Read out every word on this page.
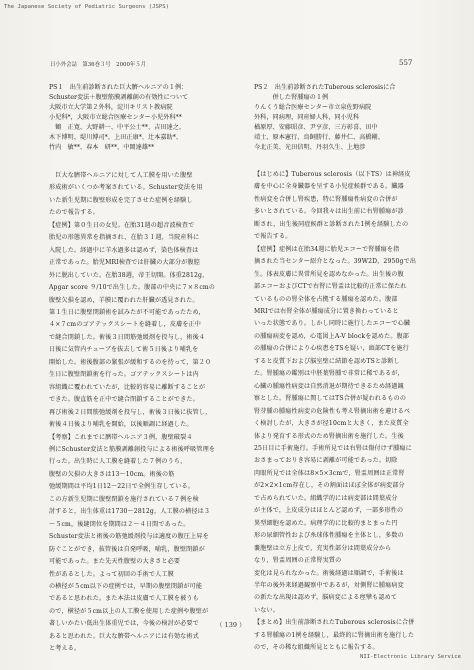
The Japanese Society of Pediatric Surgeons (JSPS)
日小外会誌　第36巻３号　2000年５月	557
PS１　出生前診断された巨大臍ヘルニアの１例：
Schuster変法＋腹壁筋膜剥離創の有効性について
大阪市立大学第２外科，淀川キリスト教病院
小児科*，大阪市立総合医療センター小児外科**
　鶴　正寛、大野耕一、中平公士**、吉田達之、
木下博明、堤川博司*、上田正康*、辻本嘉助*、
竹内　敏**、春本　研**、中岡達雄**
PS２　出生前診断されたTuberous sclerosisに合
　　　併した腎腫瘍の１例
りんくう総合医療センター市立泉佐野病院
外科，同病理，同産婦人科，同小児科
楢原厚、安藤昭彦、尹亨彦、三方彰喜、田中
靖士、原本憲行、鳥飼勝行、藤井仁、高橋剛、
今北正美、光田信明、丹羽久生、上地涉

　巨大な臍帯ヘルニアに対して人工膜を用いた腹壁

形成術がいくつか考案されている。Schuster変法を用

いた新生児期に腹壁形成を完了させた症例を経験し

たので報告する。

【症例】第０生日の女児。在胎31週の超音波検査で

胎児の形態異常を指摘され，在胎３１週，当院産科に

入院した。経過中に羊水過多は認めず，染色体検査は

正常であった。胎児MRI検査では肝臓の大部分が腹腔

外に脱出していた。在胎38週，帝王切開。体重2812g，

Apgar score ９/10で出生した。腹部の中央に７×８cmの

腹壁欠損を認め，羊膜に覆われた肝臓が透見された。

第１生日に腹壁閉鎖術を試みたが不可能であったため，

４×７cmのゴアテックスシートを縫着し，皮膚を正中

で縫合閉鎖した。術後３日間筋弛緩剤を投与し，術後４

日後に気管内チューブを抜去して術５日後より哺乳を

開始した。術後腹部の緊張が緩和するのを待って，第２０

生日に腹壁閉鎖術を行った。ゴアテックスシートは内

容組織に覆われていたが，比較的容易に離断することが

できた。腹直筋を正中で縫合閉鎖することができた。

再び術後２日間筋弛緩剤を投与し，術後３日後に抜管し，

術後４日後より哺乳を開始，以後順調に経過した。

【考察】これまでに臍帯ヘルニア３例，腹壁破裂４

例にSchuster変法と筋膜剥離創投与による術後呼吸管理を

行った。出生時に人工膜を縫着した７例のうち，

腹壁の欠損の大きさは13〜10cm。術後の筋

弛緩期間は平均1日12〜22日で全例生存している。

この方新生児期に腹壁閉鎖を施行されている７例を検

討すると，出生体重は1730〜2812g，人工膜の横径は３

〜５cm，後縫閉位を期間は２〜４日間であった。

Schuster変法と術後の筋弛緩剤投与は適度の腹圧上昇を

防ぐことができ，抜管後は自発呼吸，哺乳，腹壁閉鎖が

可能であった。また先天性腹壁の大きさと必要

性があるとした。よって初回の手術で人工膜

の横径が５cm以下の症例では，早期の腹壁閉鎖が可能

であると思われた。また本法は皮膚で人工膜を被うも

ので，横径が５cm以上の人工膜を使用した症例や腹壁が

著しいかたい低出生体重児では，今後の検討が必要で

あると思われた。巨大な臍帯ヘルニアには有効な術式

と考える。

【はじめに】Tuberous sclerosis（以下TS）は神経皮

膚を中心に全身臓器を呈する小児症候群である。臓器

性病変を合併し腎疾患，特に腎腫瘍性病変の合併が

多いとされている。今回我々は出生前に右腎腫瘍が診

断され，出生後同症候群と診断された1例を経験したの

で報告する。

【症例】症例は在胎34週に胎児エコーで腎腫瘍を指

摘された当センター紹介となった。39W2D，2950gで出

生。体表皮膚に異常所見を認めなかった。出生後の腹

部エコーおよびCTで右腎に腎盂は比較的正常に保たれ

ているものの腎全体を占拠する腫瘍を認めた。腹部

MRIでは右腎全体が腫瘍成分に置き換わっていると

いった状態であり。しかし同時に施行したエコーで心臓

の腫瘍病変を認め，心電図上A-V blockを認めた。腹部

の腫瘍の合併により心疾患をTSを疑い，頭部CTを施行

すると皮質下および脳室壁に結節を認めTSと診断し

た。腎腫瘍の鑑別は中胚葉腎腫で非常に稀であるが，

心臓の腫瘍性病変は自然消退が期待できるため経過観

察とした。腎腫瘍に関してはTS合併が疑われるものの

腎芽腫の腫瘍性病変の危険性も考え腎摘出術を避けるべ

く検討したが，大きさが径10cmと大きく，また皮質全

体より発育する形式のため腎摘出術を施行した。生後

25日目に手術施行。手術所見では右腎は傷付けず腫瘍に

おさまっておりき容易に剥離が可能であった。切除

肉眼所見では全体は8×5×3cmで，腎盂周囲は正常腎

が2×2×1cm存在し，その割面はほぼ全体が病変部分

で占められていた。組織学的には病変部は間葉成分

が主体で，上皮成分はほとんど認めず，一部多形性の

異型細胞を認めた。病理学的に比較的まとまった円

形の尿細管性および糸球体性腫瘍を主体とし，多数の

嚢胞壁は立方上皮で，充実性部分は間葉成分から

なり，腎盂周囲の正常腎実質の

変化は見られなかった。術後経過は順調で，手術後は

半年の後外来経過観察中であるが，対側腎に腫瘍病変

の新たな出現は認めず，脳病変による痙攣も認めて

いない。

【まとめ】出生前診断されたTuberous sclerosisに合併

する腎腫瘍の1例を経験し，最終的に腎摘出術を施行した

ので，その稀な組織所見とともに報告する。

（ 139 ）
NII-Electronic Library Service
